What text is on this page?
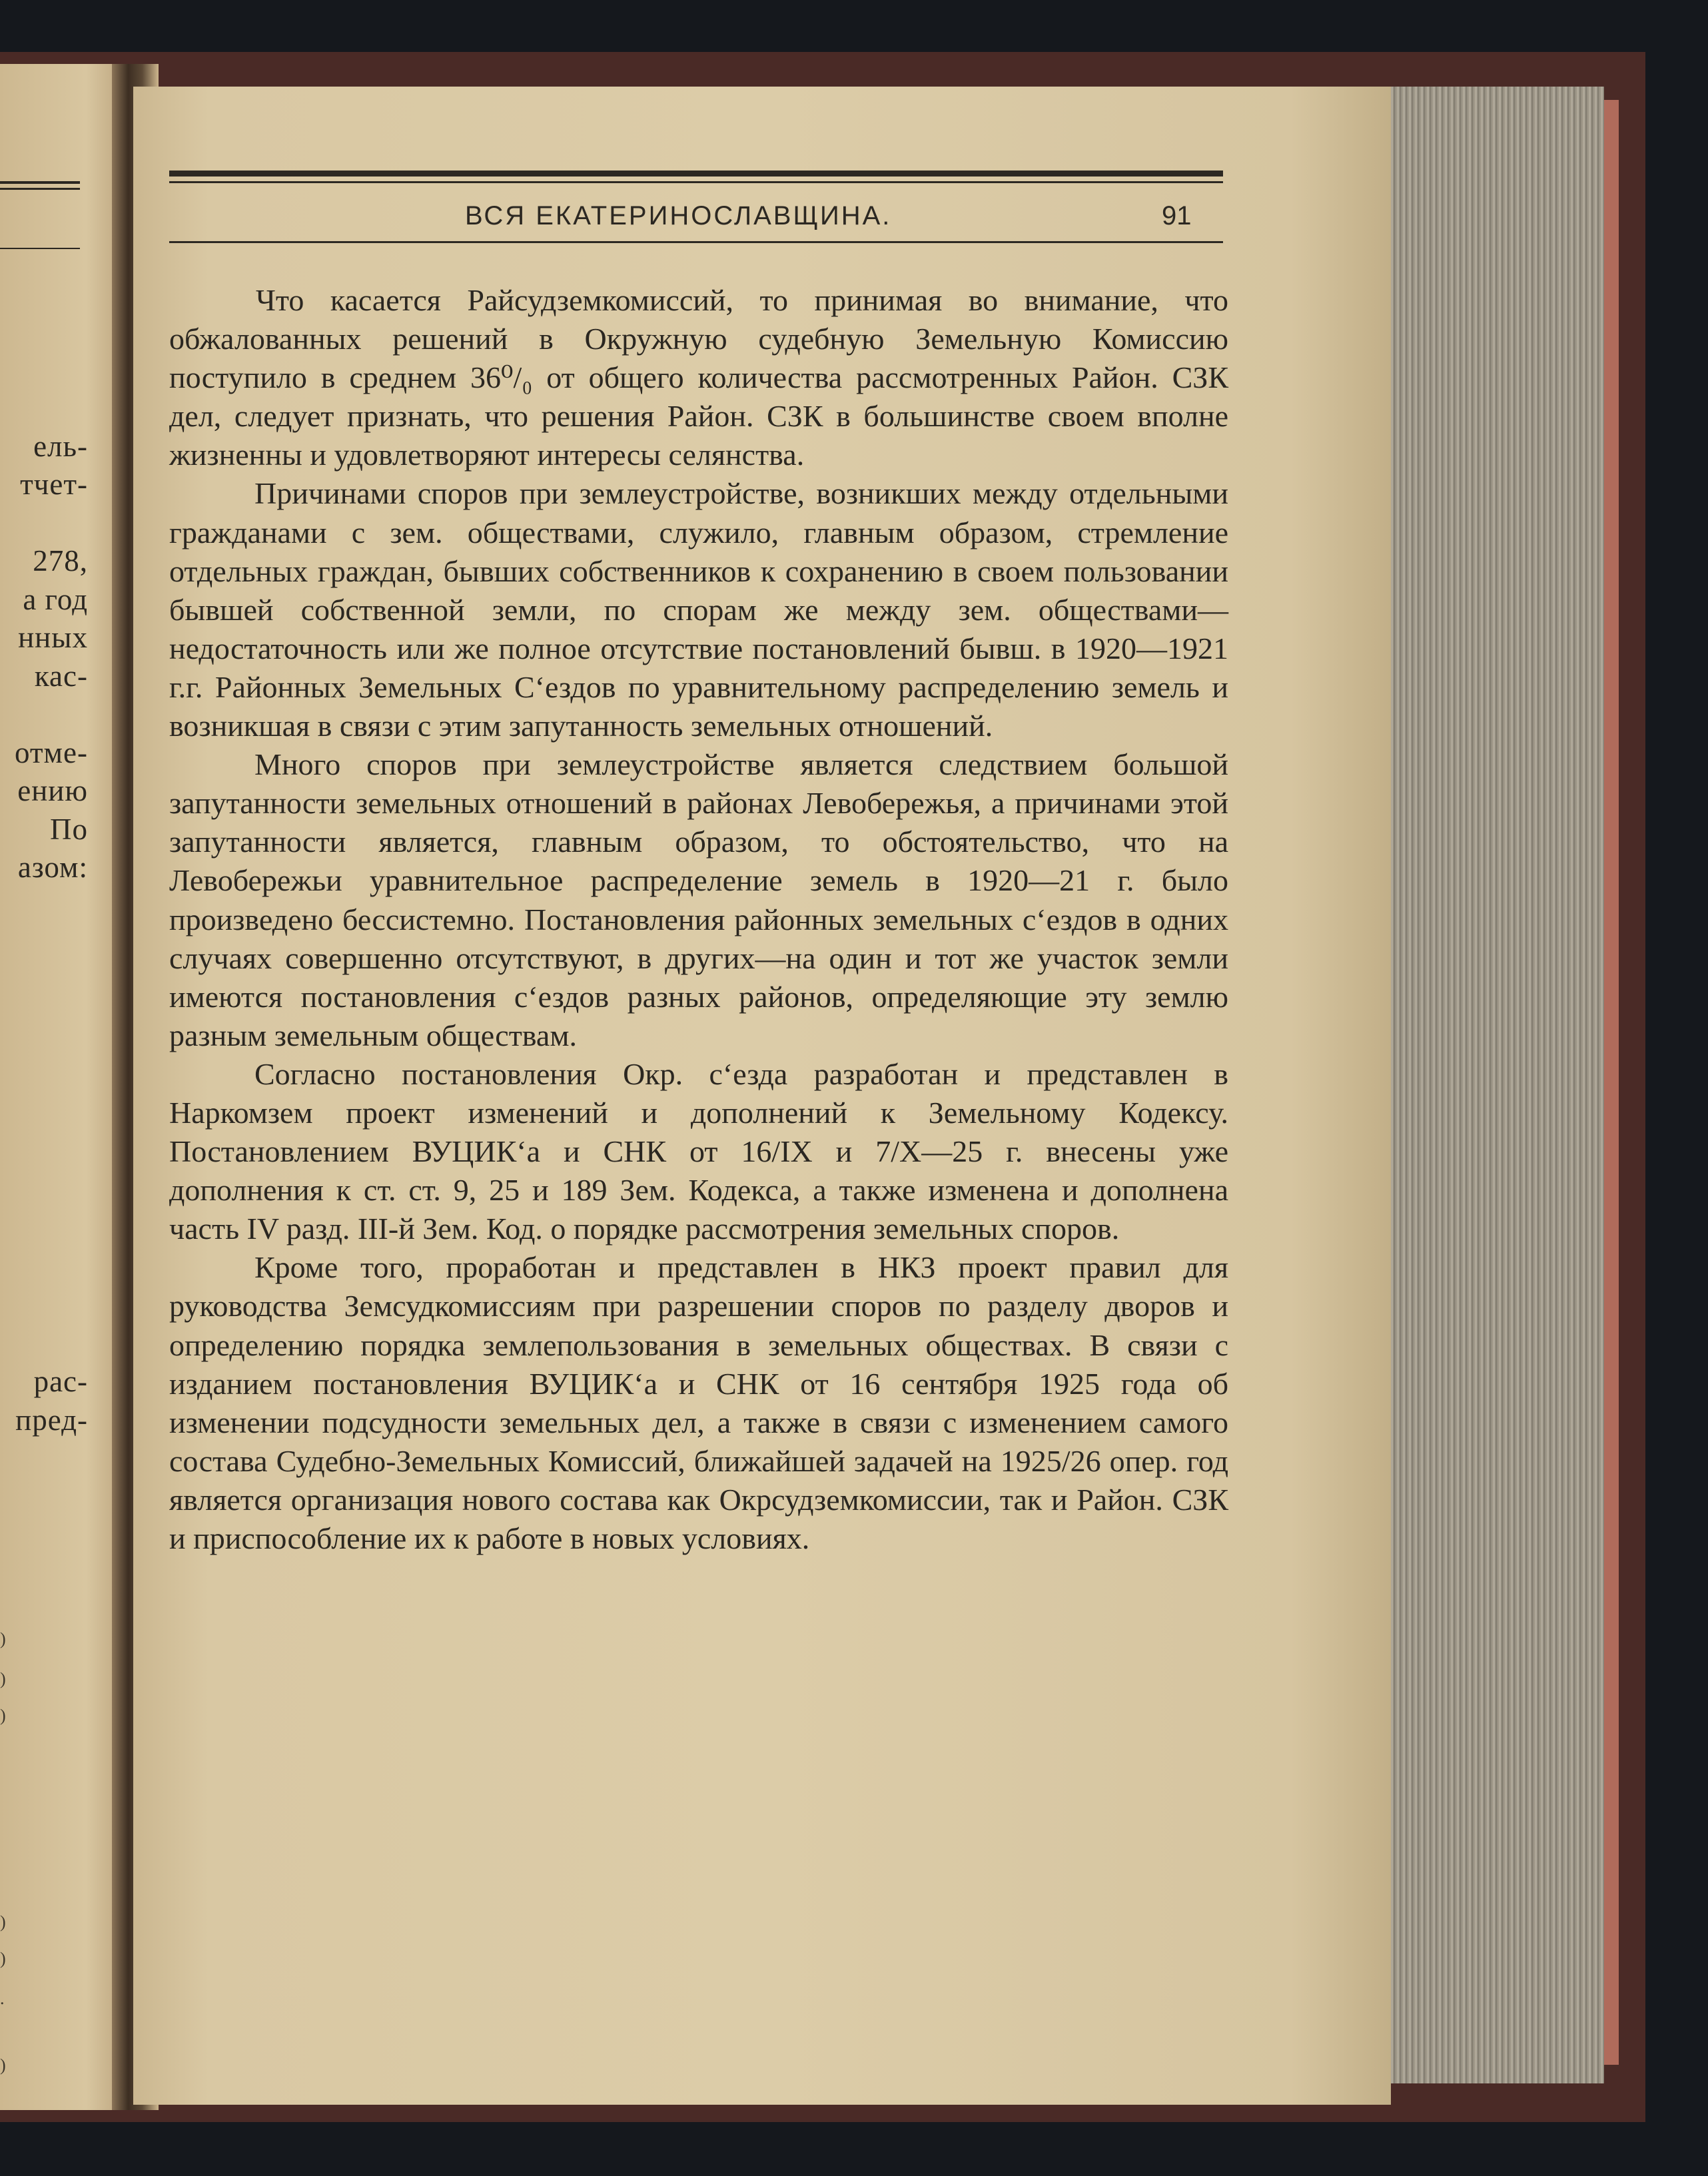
ель-
тчет-
278,
а год
нных
кас-
отме-
ению
По
азом:
рас-
пред-
)
)
)
)
)
.
)
ВСЯ ЕКАТЕРИНОСЛАВЩИНА.	91

Что касается Райсудземкомиссий, то принимая во внимание, что обжалованных решений в Окружную судебную Земельную Комиссию поступило в среднем 36⁰/₀ от общего количества рассмотренных Район. СЗК дел, следует признать, что решения Район. СЗК в большинстве своем вполне жизненны и удовлетворяют интересы селянства.

Причинами споров при землеустройстве, возникших между отдельными гражданами с зем. обществами, служило, главным образом, стремление отдельных граждан, бывших собственников к сохранению в своем пользовании бывшей собственной земли, по спорам же между зем. обществами—недостаточность или же полное отсутствие постановлений бывш. в 1920—1921 г.г. Районных Земельных С‘ездов по уравнительному распределению земель и возникшая в связи с этим запутанность земельных отношений.

Много споров при землеустройстве является следствием большой запутанности земельных отношений в районах Левобережья, а причинами этой запутанности является, главным образом, то обстоятельство, что на Левобережьи уравнительное распределение земель в 1920—21 г. было произведено бессистемно. Постановления районных земельных с‘ездов в одних случаях совершенно отсутствуют, в других—на один и тот же участок земли имеются постановления с‘ездов разных районов, определяющие эту землю разным земельным обществам.

Согласно постановления Окр. с‘езда разработан и представлен в Наркомзем проект изменений и дополнений к Земельному Кодексу. Постановлением ВУЦИК‘а и СНК от 16/IX и 7/X—25 г. внесены уже дополнения к ст. ст. 9, 25 и 189 Зем. Кодекса, а также изменена и дополнена часть IV разд. III-й Зем. Код. о порядке рассмотрения земельных споров.

Кроме того, проработан и представлен в НКЗ проект правил для руководства Земсудкомиссиям при разрешении споров по разделу дворов и определению порядка землепользования в земельных обществах. В связи с изданием постановления ВУЦИК‘а и СНК от 16 сентября 1925 года об изменении подсудности земельных дел, а также в связи с изменением самого состава Судебно-Земельных Комиссий, ближайшей задачей на 1925/26 опер. год является организация нового состава как Окрсудземкомиссии, так и Район. СЗК и приспособление их к работе в новых условиях.
